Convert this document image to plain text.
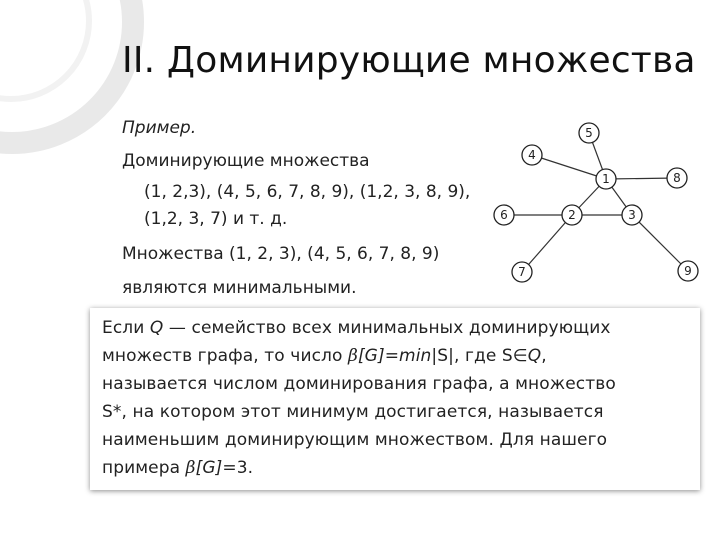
II. Доминирующие множества
Пример.
Доминирующие множества
(1, 2,3), (4, 5, 6, 7, 8, 9), (1,2, 3, 8, 9),
(1,2, 3, 7) и т. д.
Множества (1, 2, 3), (4, 5, 6, 7, 8, 9)
являются минимальными.
1
2	3
4
5
6
7
8
9
Если Q — семейство всех минимальных доминирующих
множеств графа, то число β[G]=min|S|, где S∈Q,
называется числом доминирования графа, а множество
S*, на котором этот минимум достигается, называется
наименьшим доминирующим множеством. Для нашего
примера β[G]=3.
